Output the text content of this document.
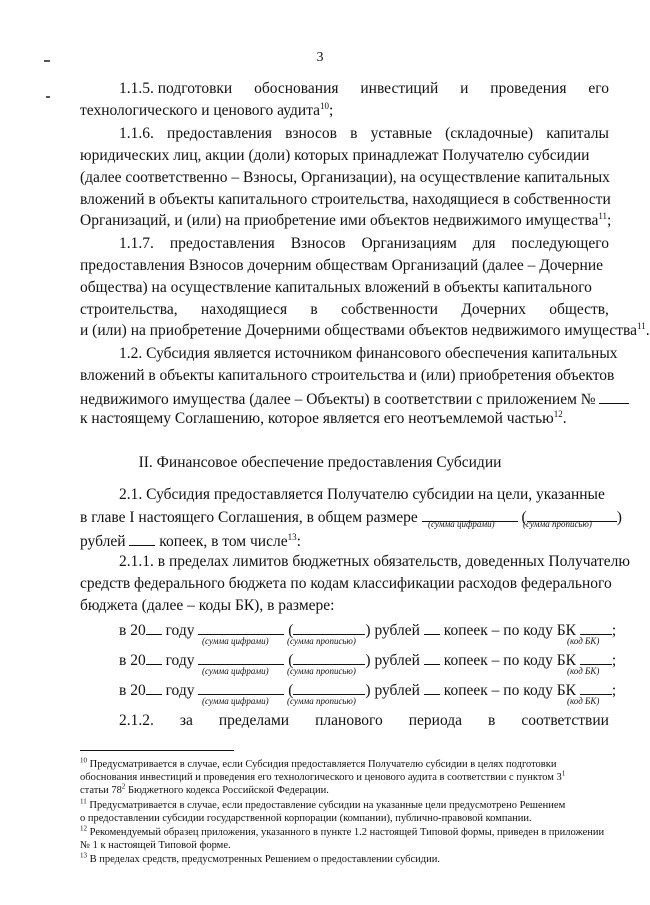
3
1.1.5. подготовки обоснования инвестиций и проведения его
технологического и ценового аудита$^{10}$;
1.1.6. предоставления взносов в уставные (складочные) капиталы
юридических лиц, акции (доли) которых принадлежат Получателю субсидии
(далее соответственно – Взносы, Организации), на осуществление капитальных
вложений в объекты капитального строительства, находящиеся в собственности
Организаций, и (или) на приобретение ими объектов недвижимого имущества$^{11}$;
1.1.7. предоставления Взносов Организациям для последующего
предоставления Взносов дочерним обществам Организаций (далее – Дочерние
общества) на осуществление капитальных вложений в объекты капитального
строительства, находящиеся в собственности Дочерних обществ,
и (или) на приобретение Дочерними обществами объектов недвижимого имущества$^{11}$.
1.2. Субсидия является источником финансового обеспечения капитальных
вложений в объекты капитального строительства и (или) приобретения объектов
недвижимого имущества (далее – Объекты) в соответствии с приложением №
к настоящему Соглашению, которое является его неотъемлемой частью$^{12}$.
II. Финансовое обеспечение предоставления Субсидии
2.1. Субсидия предоставляется Получателю субсидии на цели, указанные
в главе I настоящего Соглашения, в общем размере	(	)
(сумма цифрами)	(сумма прописью)
рублей копеек, в том числе$^{13}$:
2.1.1. в пределах лимитов бюджетных обязательств, доведенных Получателю
средств федерального бюджета по кодам классификации расходов федерального
бюджета (далее – коды БК), в размере:
в 20 году	(	) рублей копеек – по коду БК ;
(сумма цифрами) (сумма прописью)	(код БК)
в 20 году	(	) рублей копеек – по коду БК ;
(сумма цифрами) (сумма прописью)	(код БК)
в 20 году	(	) рублей копеек – по коду БК ;
(сумма цифрами) (сумма прописью)	(код БК)
2.1.2. за пределами планового периода в соответствии
$^{10}$ Предусматривается в случае, если Субсидия предоставляется Получателю субсидии в целях подготовки
обоснования инвестиций и проведения его технологического и ценового аудита в соответствии с пунктом $3^1$
статьи $78^2$ Бюджетного кодекса Российской Федерации.
$^{11}$ Предусматривается в случае, если предоставление субсидии на указанные цели предусмотрено Решением
о предоставлении субсидии государственной корпорации (компании), публично-правовой компании.
$^{12}$ Рекомендуемый образец приложения, указанного в пункте 1.2 настоящей Типовой формы, приведен в приложении
№ 1 к настоящей Типовой форме.
$^{13}$ В пределах средств, предусмотренных Решением о предоставлении субсидии.
